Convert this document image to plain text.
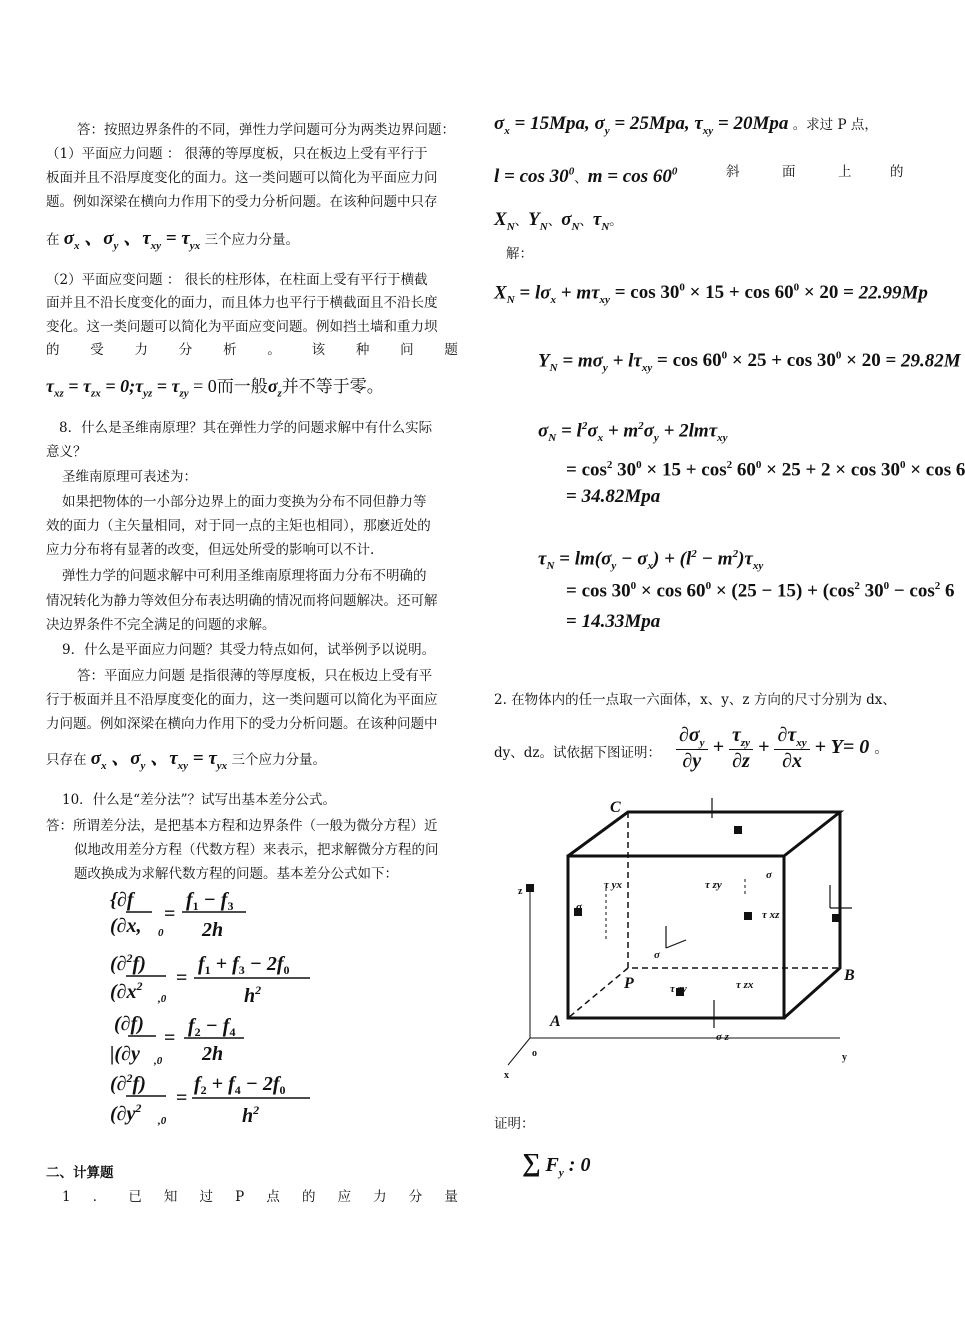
答：按照边界条件的不同，弹性力学问题可分为两类边界问题：
（1）平面应力问题 ： 很薄的等厚度板，只在板边上受有平行于
板面并且不沿厚度变化的面力。这一类问题可以简化为平面应力问
题。例如深梁在横向力作用下的受力分析问题。在该种问题中只存
在 $\sigma_x$ 、$\sigma_y$ 、$\tau_{xy} = \tau_{yx}$ 三个应力分量。
（2）平面应变问题 ： 很长的柱形体，在柱面上受有平行于横截
面并且不沿长度变化的面力，而且体力也平行于横截面且不沿长度
变化。这一类问题可以简化为平面应变问题。例如挡土墙和重力坝
的 受 力 分 析 。 该 种 问 题
$\tau_{xz} = \tau_{zx}$ = $0;\tau_{yz} = \tau_{zy} = 0$而一般$\sigma_z$并不等于零。
8．什么是圣维南原理？其在弹性力学的问题求解中有什么实际
意义？
圣维南原理可表述为：
如果把物体的一小部分边界上的面力变换为分布不同但静力等
效的面力（主矢量相同，对于同一点的主矩也相同），那麽近处的
应力分布将有显著的改变，但远处所受的影响可以不计.
弹性力学的问题求解中可利用圣维南原理将面力分布不明确的
情况转化为静力等效但分布表达明确的情况而将问题解决。还可解
决边界条件不完全满足的问题的求解。
9．什么是平面应力问题？其受力特点如何，试举例予以说明。
答：平面应力问题 是指很薄的等厚度板，只在板边上受有平
行于板面并且不沿厚度变化的面力，这一类问题可以简化为平面应
力问题。例如深梁在横向力作用下的受力分析问题。在该种问题中
只存在 $\sigma_x$ 、$\sigma_y$ 、$\tau_{xy} = \tau_{yx}$ 三个应力分量。
10．什么是“差分法”？试写出基本差分公式。
答：所谓差分法，是把基本方程和边界条件（一般为微分方程）近
似地改用差分方程（代数方程）来表示，把求解微分方程的问
题改换成为求解代数方程的问题。基本差分公式如下：
{∂f
(∂x, 0
=
$f_1 - f_3$
2h
(∂$^2$f)
($\partial x^2$
,0
=
$f_1 + f_3 - 2f_0$
$h^2$
(∂f)
|(∂y ,0
=
$f_2 - f_4$
2h
(∂$^2$f)
($\partial y^2$
,0
=
$f_2 + f_4 - 2f_0$
$h^2$
二、计算题
1 ． 已 知 过 P 点 的 应 力 分 量
$\sigma_x = 15Mpa$, $\sigma_y = 25Mpa$, $\tau_{xy} = 20Mpa$ 。求过 P 点，
$l = \cos 30^0$、$m = \cos 60^0$	斜	面	上	的
$X_N$、$Y_N$、$\sigma_N$、$\tau_N$。
解：
$X_N = l\sigma_x + m\tau_{xy} = \cos 30^0 \times 15 + \cos 60^0 \times 20 = 22.99Mp$
$Y_N = m\sigma_y + l\tau_{xy} = \cos 60^0 \times 25 + \cos 30^0 \times 20 = 29.82M$
$\sigma_N = l^2\sigma_x + m^2\sigma_y + 2lm\tau_{xy}$
= $\cos^2 30^0 \times 15 + \cos^2 60^0 \times 25 + 2 \times \cos 30^0 \times \cos 6$
= 34.82Mpa
$\tau_N = lm(\sigma_y - \sigma_x) + (l^2 - m^2)\tau_{xy}$
= $\cos 30^0 \times \cos 60^0 \times (25 - 15) + (\cos^2$ $30^0 - \cos^2 6$
= 14.33Mpa
2. 在物体内的任一点取一六面体，x、y、z 方向的尺寸分别为 dx、
dy、dz。试依据下图证明： $\frac{\partial\sigma_y}{\partial y} + \frac{\tau_{zy}}{\partial z} + \frac{\partial\tau_{xy}}{\partial x} + Y= 0$ 。
C
P
A
B
x
y
z
o
τ yx
σ
τ zy
σ
τ xz
τ zy	τ zx
σ z
σ
证明：
∑ $F_y$ : 0
